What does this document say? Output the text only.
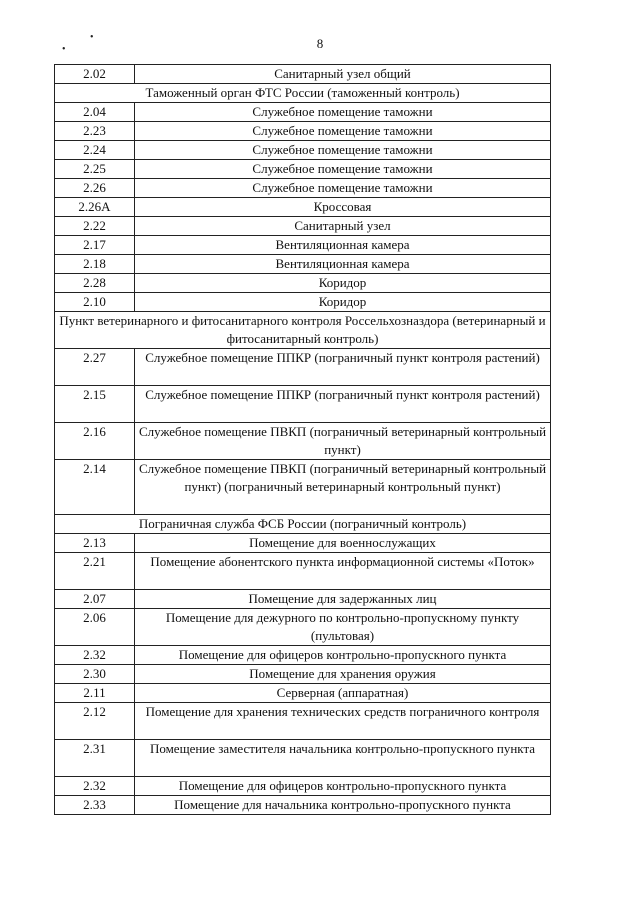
8
•
•
2.02	Санитарный узел общий
Таможенный орган ФТС России (таможенный контроль)	
2.04	Служебное помещение таможни
2.23	Служебное помещение таможни
2.24	Служебное помещение таможни
2.25	Служебное помещение таможни
2.26	Служебное помещение таможни
2.26А	Кроссовая
2.22	Санитарный узел
2.17	Вентиляционная камера
2.18	Вентиляционная камера
2.28	Коридор
2.10	Коридор
Пункт ветеринарного и фитосанитарного контроля Россельхозназдора (ветеринарный и фитосанитарный контроль)	
2.27	Служебное помещение ППКР (пограничный пункт контроля растений)
2.15	Служебное помещение ППКР (пограничный пункт контроля растений)
2.16	Служебное помещение ПВКП (пограничный ветеринарный контрольный пункт)
2.14	Служебное помещение ПВКП (пограничный ветеринарный контрольный пункт) (пограничный ветеринарный контрольный пункт)
Пограничная служба ФСБ России (пограничный контроль)	
2.13	Помещение для военнослужащих
2.21	Помещение абонентского пункта информационной системы «Поток»
2.07	Помещение для задержанных лиц
2.06	Помещение для дежурного по контрольно-пропускному пункту (пультовая)
2.32	Помещение для офицеров контрольно-пропускного пункта
2.30	Помещение для хранения оружия
2.11	Серверная (аппаратная)
2.12	Помещение для хранения технических средств пограничного контроля
2.31	Помещение заместителя начальника контрольно-пропускного пункта
2.32	Помещение для офицеров контрольно-пропускного пункта
2.33	Помещение для начальника контрольно-пропускного пункта
